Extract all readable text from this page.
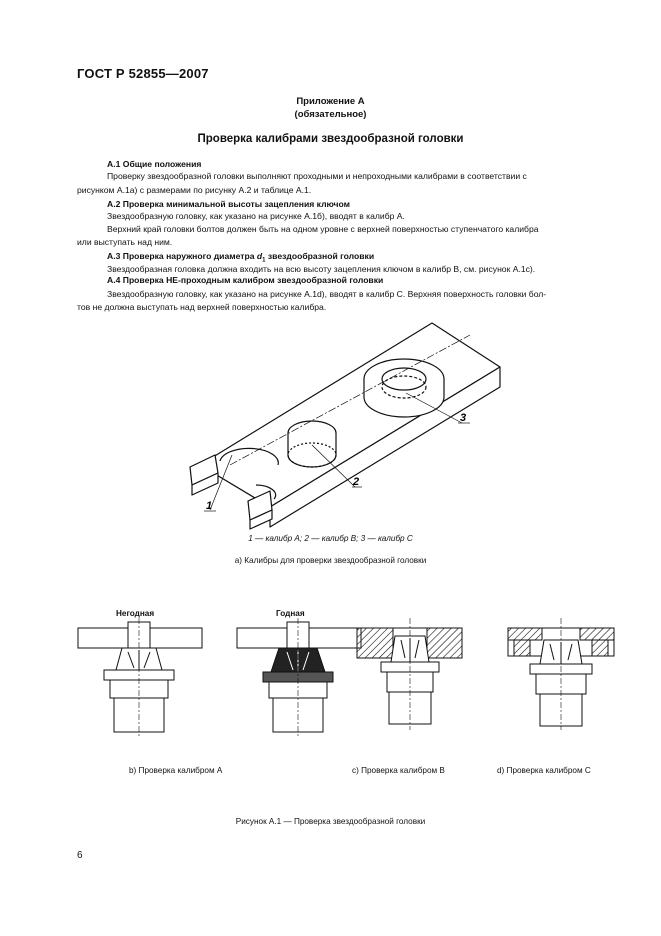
ГОСТ Р 52855—2007
Приложение А
(обязательное)
Проверка калибрами звездообразной головки
А.1 Общие положения
Проверку звездообразной головки выполняют проходными и непроходными калибрами в соответствии с
рисунком А.1а) с размерами по рисунку А.2 и таблице А.1.
А.2 Проверка минимальной высоты зацепления ключом
Звездообразную головку, как указано на рисунке А.1б), вводят в калибр А.
Верхний край головки болтов должен быть на одном уровне с верхней поверхностью ступенчатого калибра
или выступать над ним.
А.3 Проверка наружного диаметра $d_1$ звездообразной головки
Звездообразная головка должна входить на всю высоту зацепления ключом в калибр В, см. рисунок А.1с).
А.4 Проверка НЕ-проходным калибром звездообразной головки
Звездообразную головку, как указано на рисунке А.1d), вводят в калибр С. Верхняя поверхность головки бол-
тов не должна выступать над верхней поверхностью калибра.
1
2
3
1 — калибр А; 2 — калибр В; 3 — калибр С
а) Калибры для проверки звездообразной головки
Негодная	Годная
b) Проверка калибром А	с) Проверка калибром В	d) Проверка калибром С
Рисунок А.1 — Проверка звездообразной головки
6
